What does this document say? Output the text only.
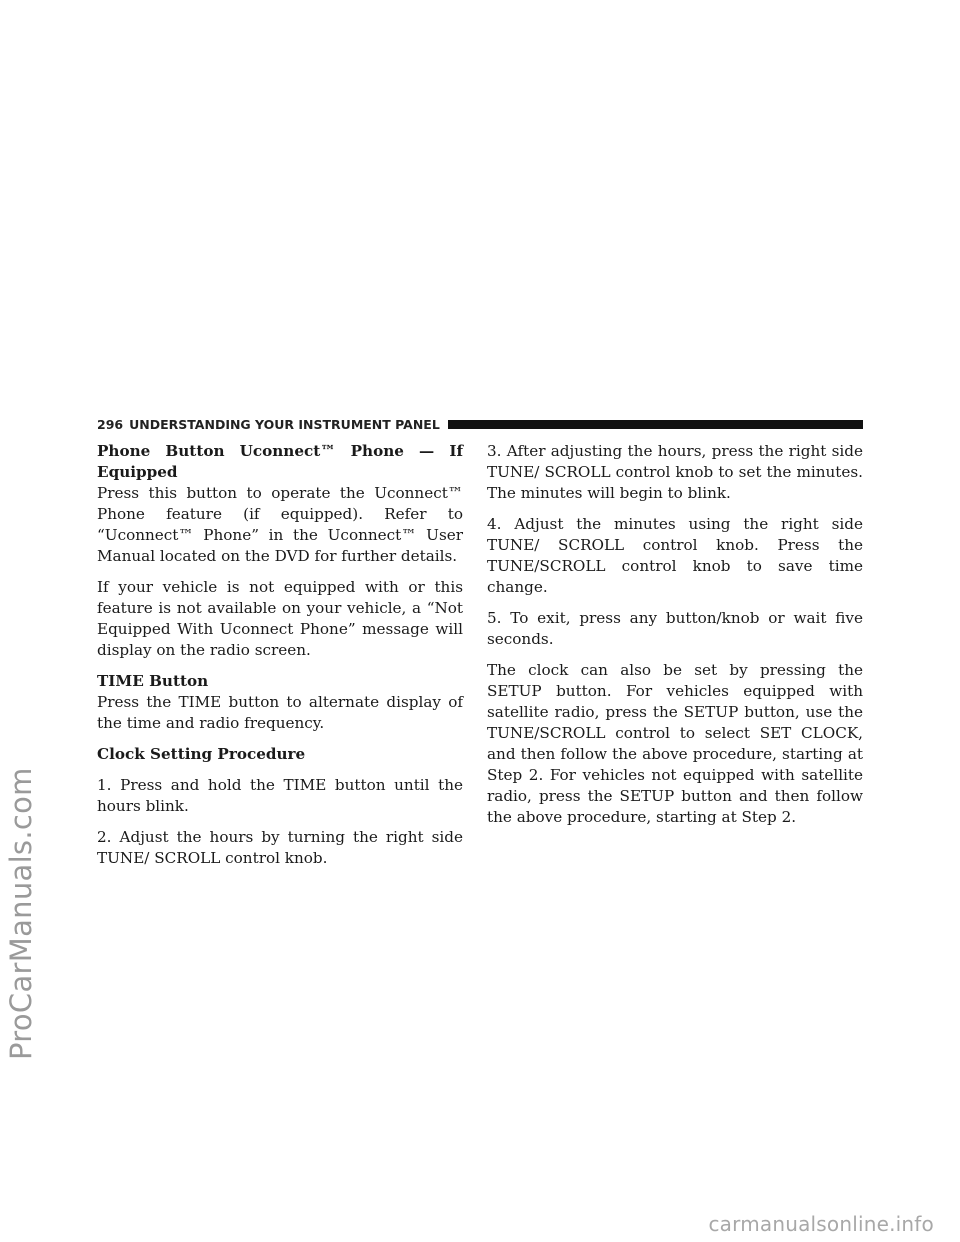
ProCarManuals.com
296 UNDERSTANDING YOUR INSTRUMENT PANEL

Phone Button Uconnect™ Phone — If Equipped

Press this button to operate the Uconnect™ Phone feature (if equipped). Refer to “Uconnect™ Phone” in the Uconnect™ User Manual located on the DVD for further details.

If your vehicle is not equipped with or this feature is not available on your vehicle, a “Not Equipped With Uconnect Phone” message will display on the radio screen.

TIME Button

Press the TIME button to alternate display of the time and radio frequency.

Clock Setting Procedure

1. Press and hold the TIME button until the hours blink.

2. Adjust the hours by turning the right side TUNE/ SCROLL control knob.

3. After adjusting the hours, press the right side TUNE/ SCROLL control knob to set the minutes. The minutes will begin to blink.

4. Adjust the minutes using the right side TUNE/ SCROLL control knob. Press the TUNE/SCROLL control knob to save time change.

5. To exit, press any button/knob or wait five seconds.

The clock can also be set by pressing the SETUP button. For vehicles equipped with satellite radio, press the SETUP button, use the TUNE/SCROLL control to select SET CLOCK, and then follow the above procedure, starting at Step 2. For vehicles not equipped with satellite radio, press the SETUP button and then follow the above procedure, starting at Step 2.

carmanualsonline.info
